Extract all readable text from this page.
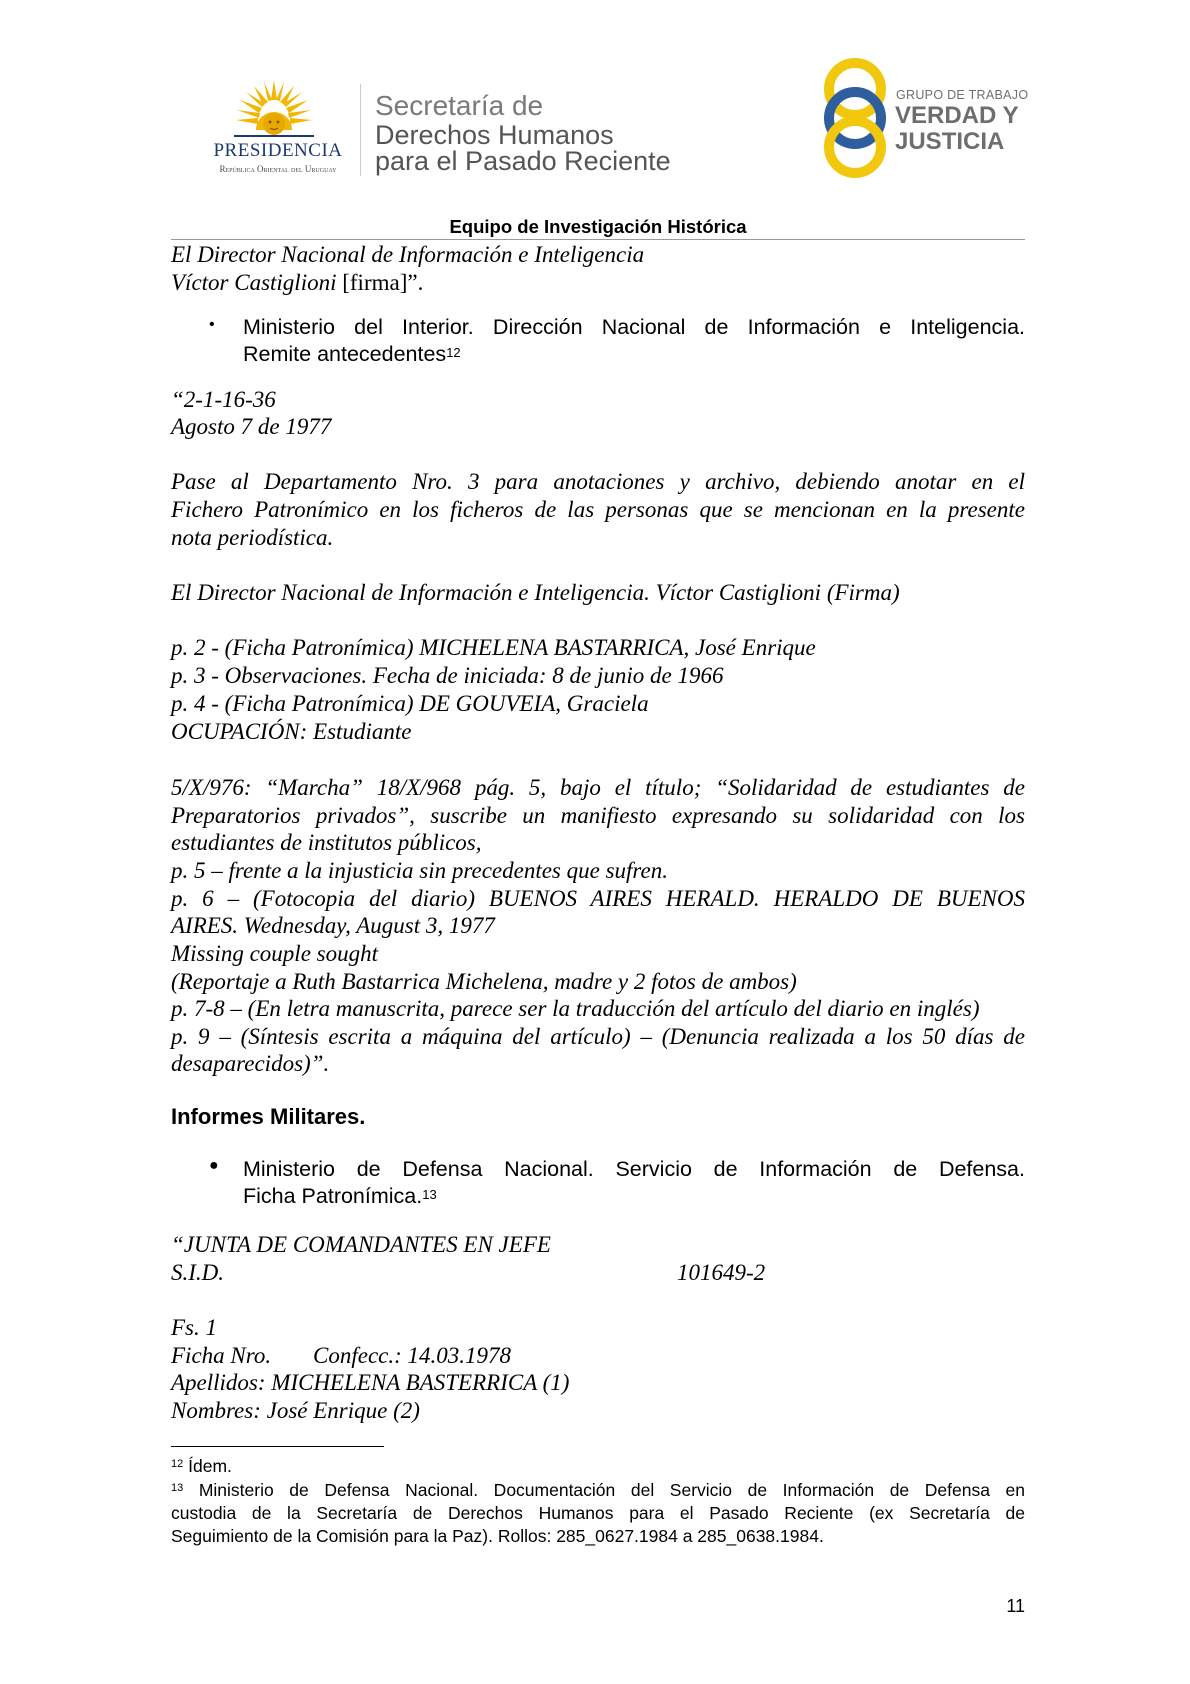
PRESIDENCIA
República Oriental del Uruguay
Secretaría de
Derechos Humanos
para el Pasado Reciente
GRUPO DE TRABAJO
VERDAD Y
JUSTICIA
Equipo de Investigación Histórica
El Director Nacional de Información e Inteligencia
Víctor Castiglioni [firma]”.
• Ministerio del Interior. Dirección Nacional de Información e Inteligencia.
Remite antecedentes$^{12}$
“2-1-16-36
Agosto 7 de 1977
Pase al Departamento Nro. 3 para anotaciones y archivo, debiendo anotar en el
Fichero Patronímico en los ficheros de las personas que se mencionan en la presente
nota periodística.
El Director Nacional de Información e Inteligencia. Víctor Castiglioni (Firma)
p. 2 - (Ficha Patronímica) MICHELENA BASTARRICA, José Enrique
p. 3 - Observaciones. Fecha de iniciada: 8 de junio de 1966
p. 4 - (Ficha Patronímica) DE GOUVEIA, Graciela
OCUPACIÓN: Estudiante
5/X/976: “Marcha” 18/X/968 pág. 5, bajo el título; “Solidaridad de estudiantes de
Preparatorios privados”, suscribe un manifiesto expresando su solidaridad con los
estudiantes de institutos públicos,
p. 5 – frente a la injusticia sin precedentes que sufren.
p. 6 – (Fotocopia del diario) BUENOS AIRES HERALD. HERALDO DE BUENOS
AIRES. Wednesday, August 3, 1977
Missing couple sought
(Reportaje a Ruth Bastarrica Michelena, madre y 2 fotos de ambos)
p. 7-8 – (En letra manuscrita, parece ser la traducción del artículo del diario en inglés)
p. 9 – (Síntesis escrita a máquina del artículo) – (Denuncia realizada a los 50 días de
desaparecidos)”.
Informes Militares.
● Ministerio de Defensa Nacional. Servicio de Información de Defensa.
Ficha Patronímica.$^{13}$
“JUNTA DE COMANDANTES EN JEFE
S.I.D.	101649-2
Fs. 1
Ficha Nro. Confecc.: 14.03.1978
Apellidos: MICHELENA BASTERRICA (1)
Nombres: José Enrique (2)
$^{12}$ Ídem.
$^{13}$ Ministerio de Defensa Nacional. Documentación del Servicio de Información de Defensa en
custodia de la Secretaría de Derechos Humanos para el Pasado Reciente (ex Secretaría de
Seguimiento de la Comisión para la Paz). Rollos: 285_0627.1984 a 285_0638.1984.
11
